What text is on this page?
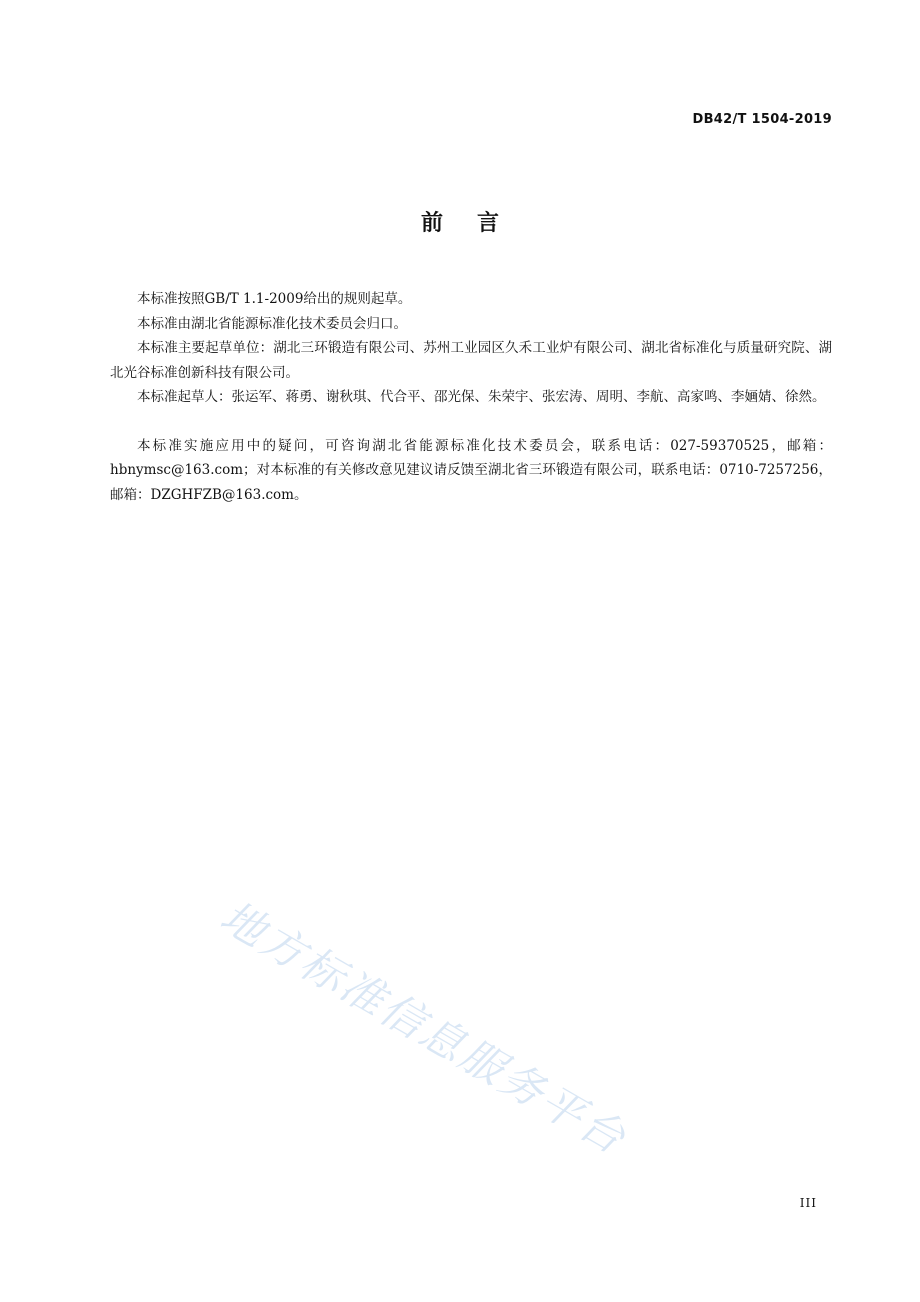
DB42/T 1504-2019
前言

本标准按照GB/T 1.1-2009给出的规则起草。

本标准由湖北省能源标准化技术委员会归口。

本标准主要起草单位：湖北三环锻造有限公司、苏州工业园区久禾工业炉有限公司、湖北省标准化与质量研究院、湖北光谷标准创新科技有限公司。

本标准起草人：张运军、蒋勇、谢秋琪、代合平、邵光保、朱荣宇、张宏涛、周明、李航、高家鸣、李婳婧、徐然。

本标准实施应用中的疑问，可咨询湖北省能源标准化技术委员会，联系电话：027-59370525，邮箱：hbnymsc@163.com；对本标准的有关修改意见建议请反馈至湖北省三环锻造有限公司，联系电话：0710-7257256，邮箱：DZGHFZB@163.com。

地方标准信息服务平台
III
